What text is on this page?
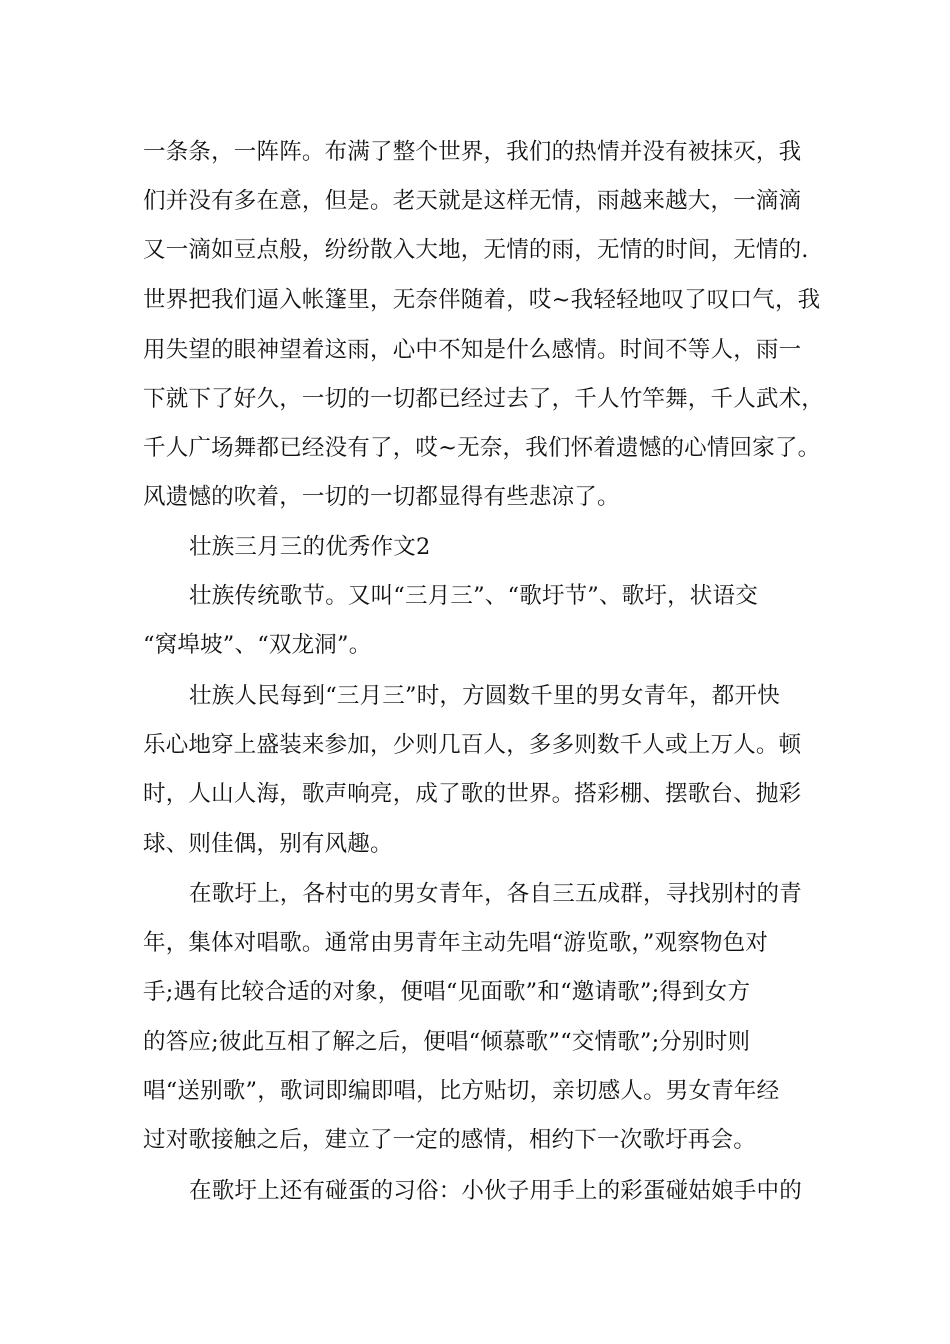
一条条，一阵阵。布满了整个世界，我们的热情并没有被抹灭，我
们并没有多在意，但是。老天就是这样无情，雨越来越大，一滴滴
又一滴如豆点般，纷纷散入大地，无情的雨，无情的时间，无情的.
世界把我们逼入帐篷里，无奈伴随着，哎~我轻轻地叹了叹口气，我
用失望的眼神望着这雨，心中不知是什么感情。时间不等人，雨一
下就下了好久，一切的一切都已经过去了，千人竹竿舞，千人武术，
千人广场舞都已经没有了，哎~无奈，我们怀着遗憾的心情回家了。
风遗憾的吹着，一切的一切都显得有些悲凉了。
壮族三月三的优秀作文2
壮族传统歌节。又叫“三月三”、“歌圩节”、歌圩，状语交
“窝埠坡”、“双龙洞”。
壮族人民每到“三月三”时，方圆数千里的男女青年，都开快
乐心地穿上盛装来参加，少则几百人，多多则数千人或上万人。顿
时，人山人海，歌声响亮，成了歌的世界。搭彩棚、摆歌台、抛彩
球、则佳偶，别有风趣。
在歌圩上，各村屯的男女青年，各自三五成群，寻找别村的青
年，集体对唱歌。通常由男青年主动先唱“游览歌，”观察物色对
手;遇有比较合适的对象，便唱“见面歌”和“邀请歌”;得到女方
的答应;彼此互相了解之后，便唱“倾慕歌”“交情歌”;分别时则
唱“送别歌”，歌词即编即唱，比方贴切，亲切感人。男女青年经
过对歌接触之后，建立了一定的感情，相约下一次歌圩再会。
在歌圩上还有碰蛋的习俗：小伙子用手上的彩蛋碰姑娘手中的
